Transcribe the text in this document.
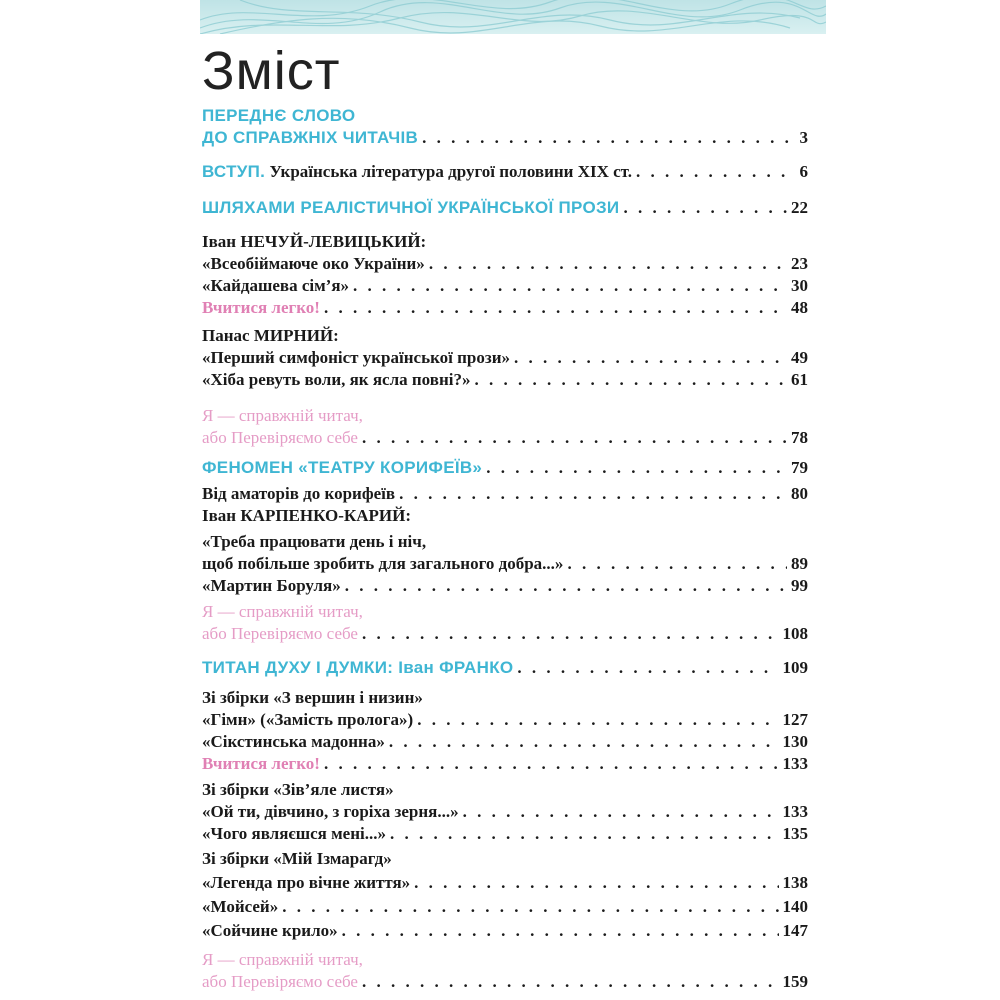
Зміст
ПЕРЕДНЄ СЛОВО
ДО СПРАВЖНІХ ЧИТАЧІВ . . .	3
ВСТУП. Українська література другої половини XIX ст. . . .	6
ШЛЯХАМИ РЕАЛІСТИЧНОЇ УКРАЇНСЬКОЇ ПРОЗИ . . .	22
Іван НЕЧУЙ-ЛЕВИЦЬКИЙ:
«Всеобіймаюче око України» . . .	23
«Кайдашева сім’я» . . .	30
Вчитися легко! . . .	48
Панас МИРНИЙ:
«Перший симфоніст української прози» . . .	49
«Хіба ревуть воли, як ясла повні?» . . .	61
Я — справжній читач,
або Перевіряємо себе . . .	78
ФЕНОМЕН «ТЕАТРУ КОРИФЕЇВ» . . .	79
Від аматорів до корифеїв . . .	80
Іван КАРПЕНКО-КАРИЙ:
«Треба працювати день і ніч,
щоб побільше зробить для загального добра...» . . .	89
«Мартин Боруля» . . .	99
Я — справжній читач,
або Перевіряємо себе . . .	108
ТИТАН ДУХУ І ДУМКИ: Іван ФРАНКО . . .	109
Зі збірки «З вершин і низин»
«Гімн» («Замість пролога») . . .	127
«Сікстинська мадонна» . . .	130
Вчитися легко! . . .	133
Зі збірки «Зів’яле листя»
«Ой ти, дівчино, з горіха зерня...» . . .	133
«Чого являєшся мені...» . . .	135
Зі збірки «Мій Ізмарагд»
«Легенда про вічне життя» . . .	138
«Мойсей» . . .	140
«Сойчине крило» . . .	147
Я — справжній читач,
або Перевіряємо себе . . .	159
